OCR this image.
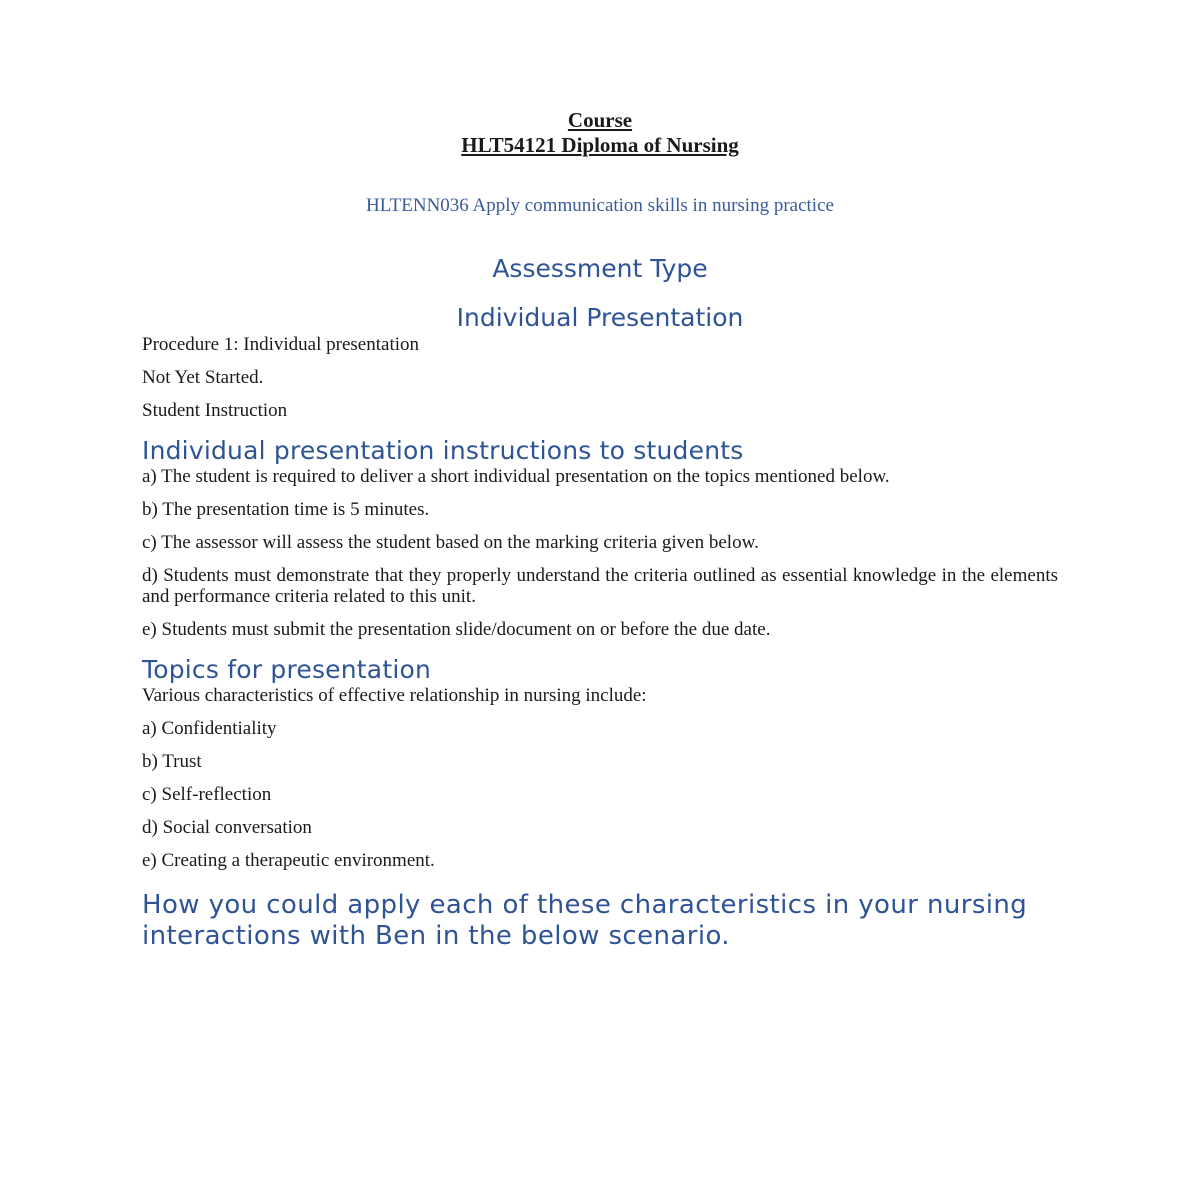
Course

HLT54121 Diploma of Nursing

HLTENN036 Apply communication skills in nursing practice

Assessment Type
Individual Presentation

Procedure 1: Individual presentation

Not Yet Started.

Student Instruction

Individual presentation instructions to students

a) The student is required to deliver a short individual presentation on the topics mentioned below.

b) The presentation time is 5 minutes.

c) The assessor will assess the student based on the marking criteria given below.

d) Students must demonstrate that they properly understand the criteria outlined as essential knowledge in the elements and performance criteria related to this unit.

e) Students must submit the presentation slide/document on or before the due date.

Topics for presentation

Various characteristics of effective relationship in nursing include:

a) Confidentiality

b) Trust

c) Self-reflection

d) Social conversation

e) Creating a therapeutic environment.

How you could apply each of these characteristics in your nursing interactions with Ben in the below scenario.
